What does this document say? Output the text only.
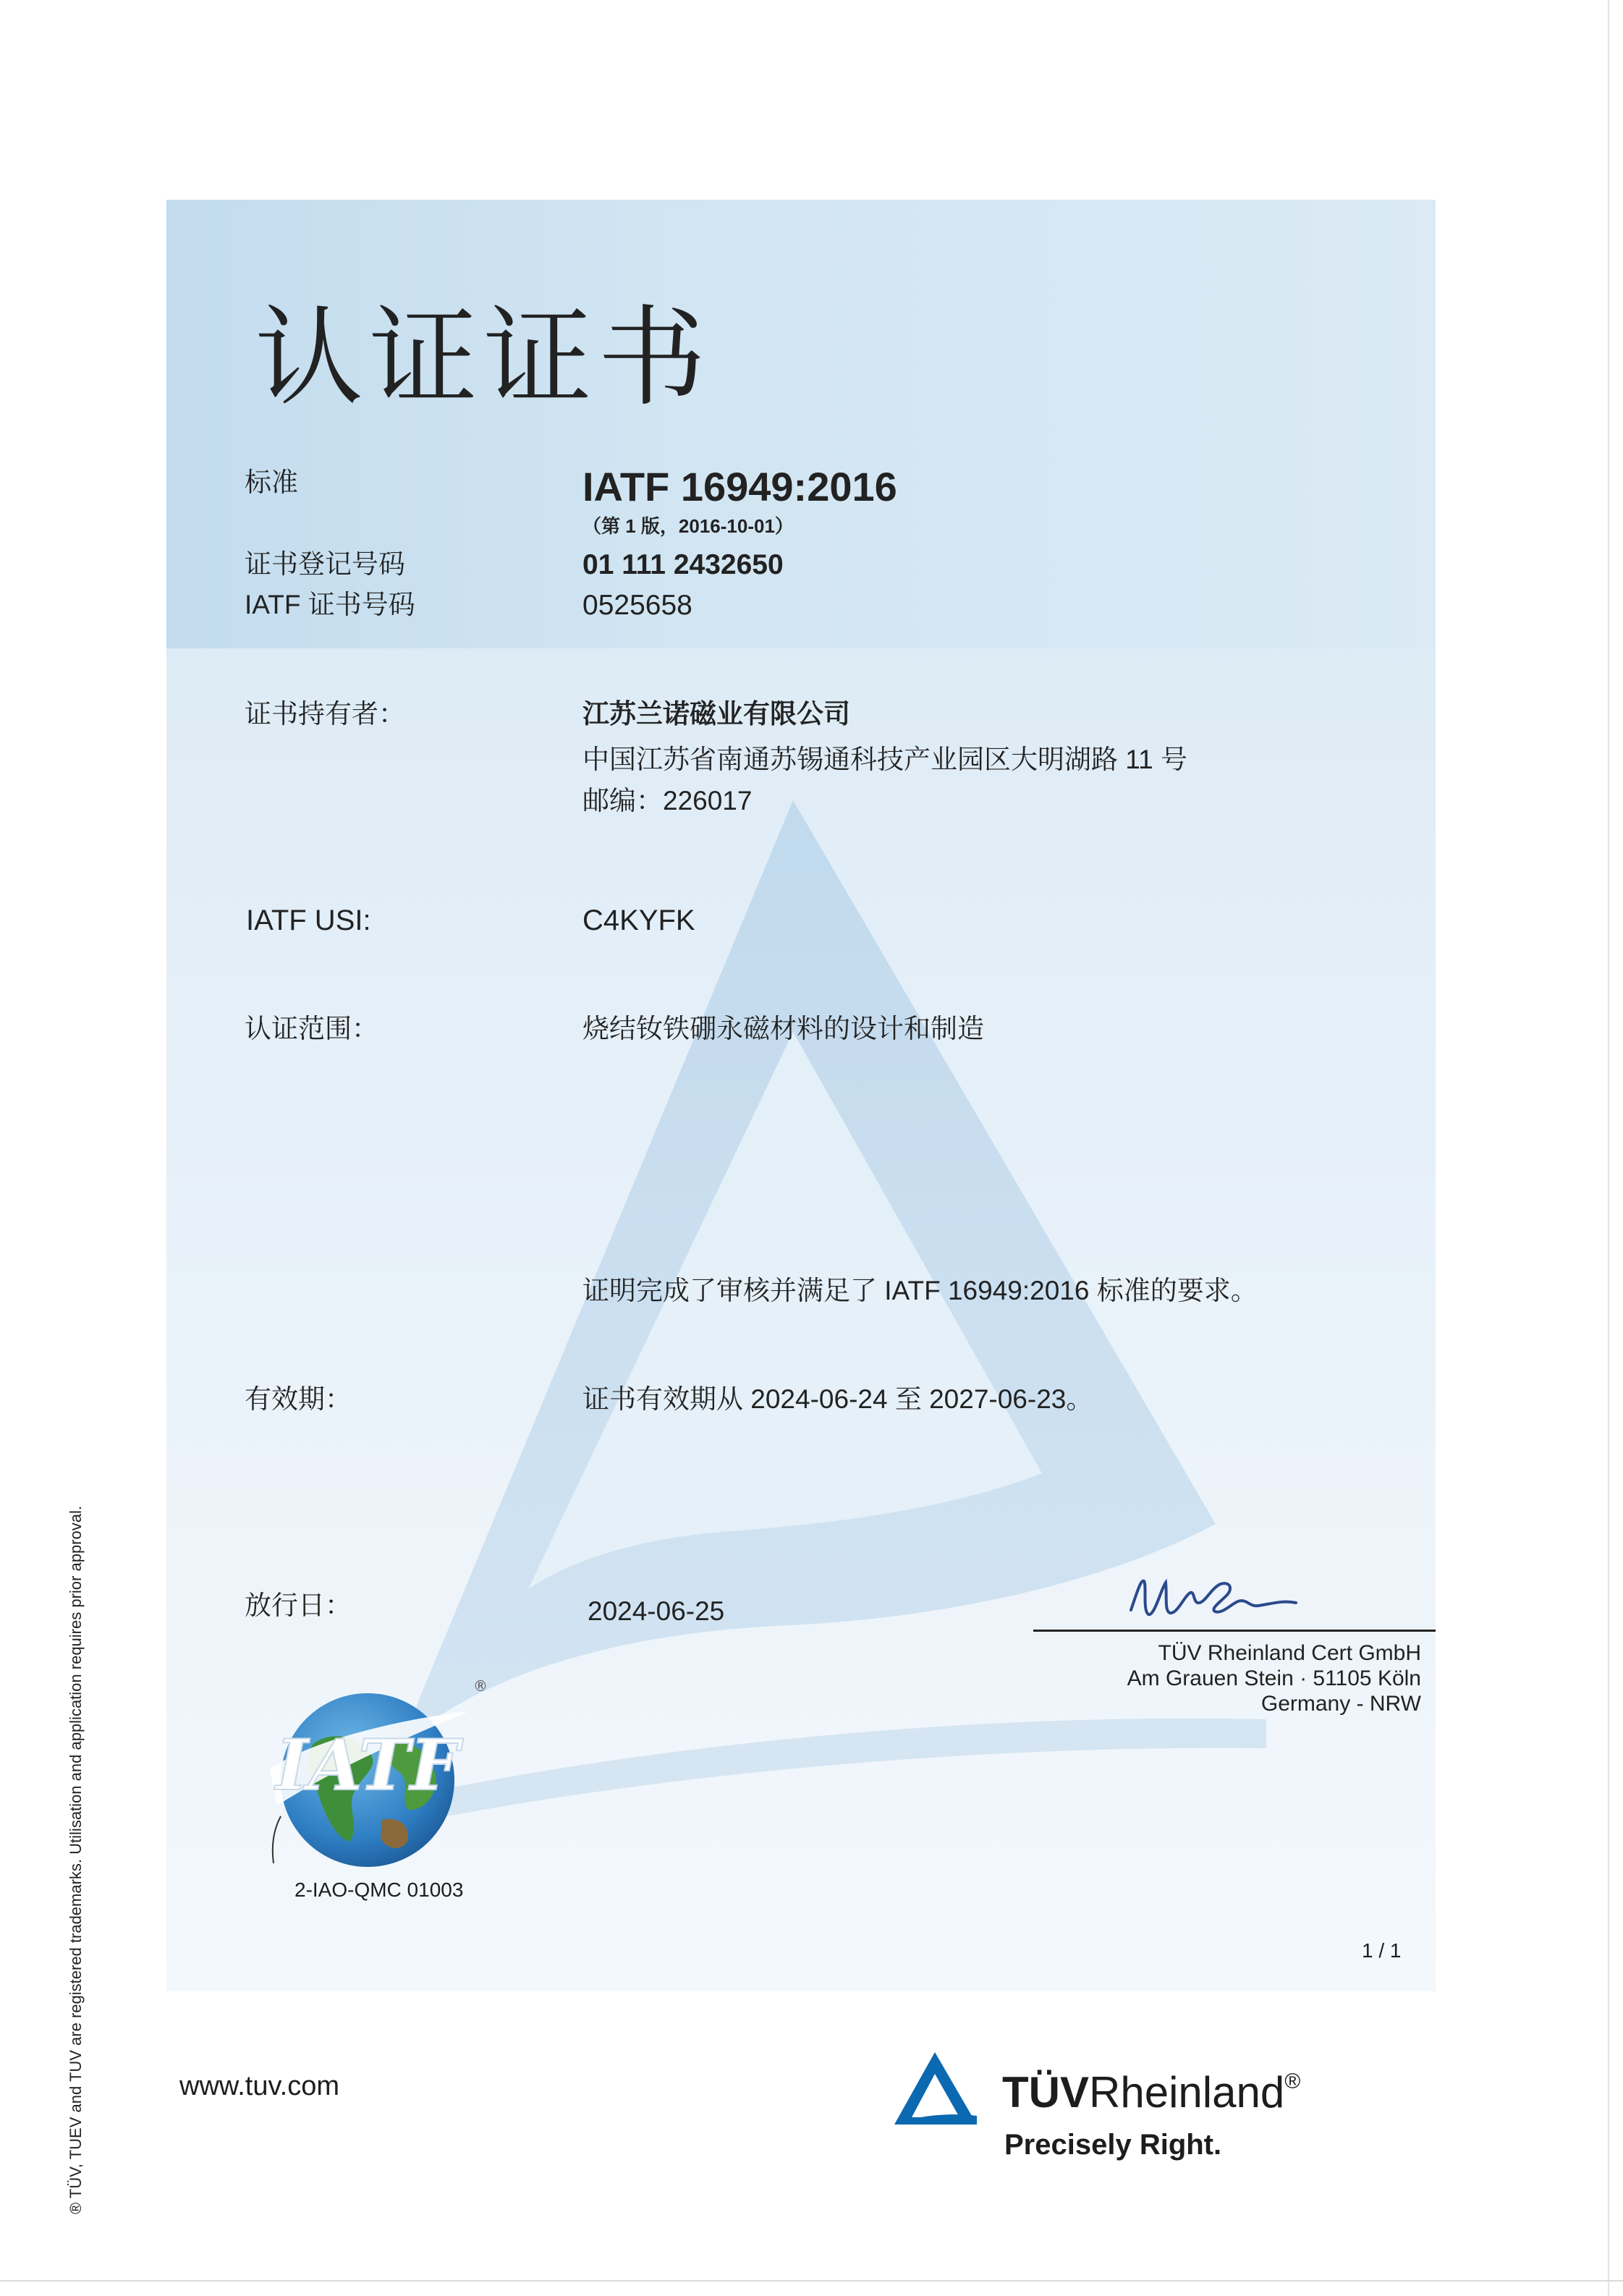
认证证书
标准	IATF 16949:2016
（第 1 版，2016-10-01）
证书登记号码	01 111 2432650
IATF 证书号码	0525658
证书持有者：	江苏兰诺磁业有限公司
中国江苏省南通苏锡通科技产业园区大明湖路 11 号
邮编：226017
IATF USI:	C4KYFK
认证范围：	烧结钕铁硼永磁材料的设计和制造
证明完成了审核并满足了 IATF 16949:2016 标准的要求。
有效期：	证书有效期从 2024-06-24 至 2027-06-23。
放行日：	2024-06-25
TÜV Rheinland Cert GmbH
Am Grauen Stein · 51105 Köln
Germany - NRW
IATF
®
2-IAO-QMC 01003
1 / 1
www.tuv.com	TÜVRheinland®
Precisely Right.
® TÜV, TUEV and TUV are registered trademarks. Utilisation and application requires prior approval.
